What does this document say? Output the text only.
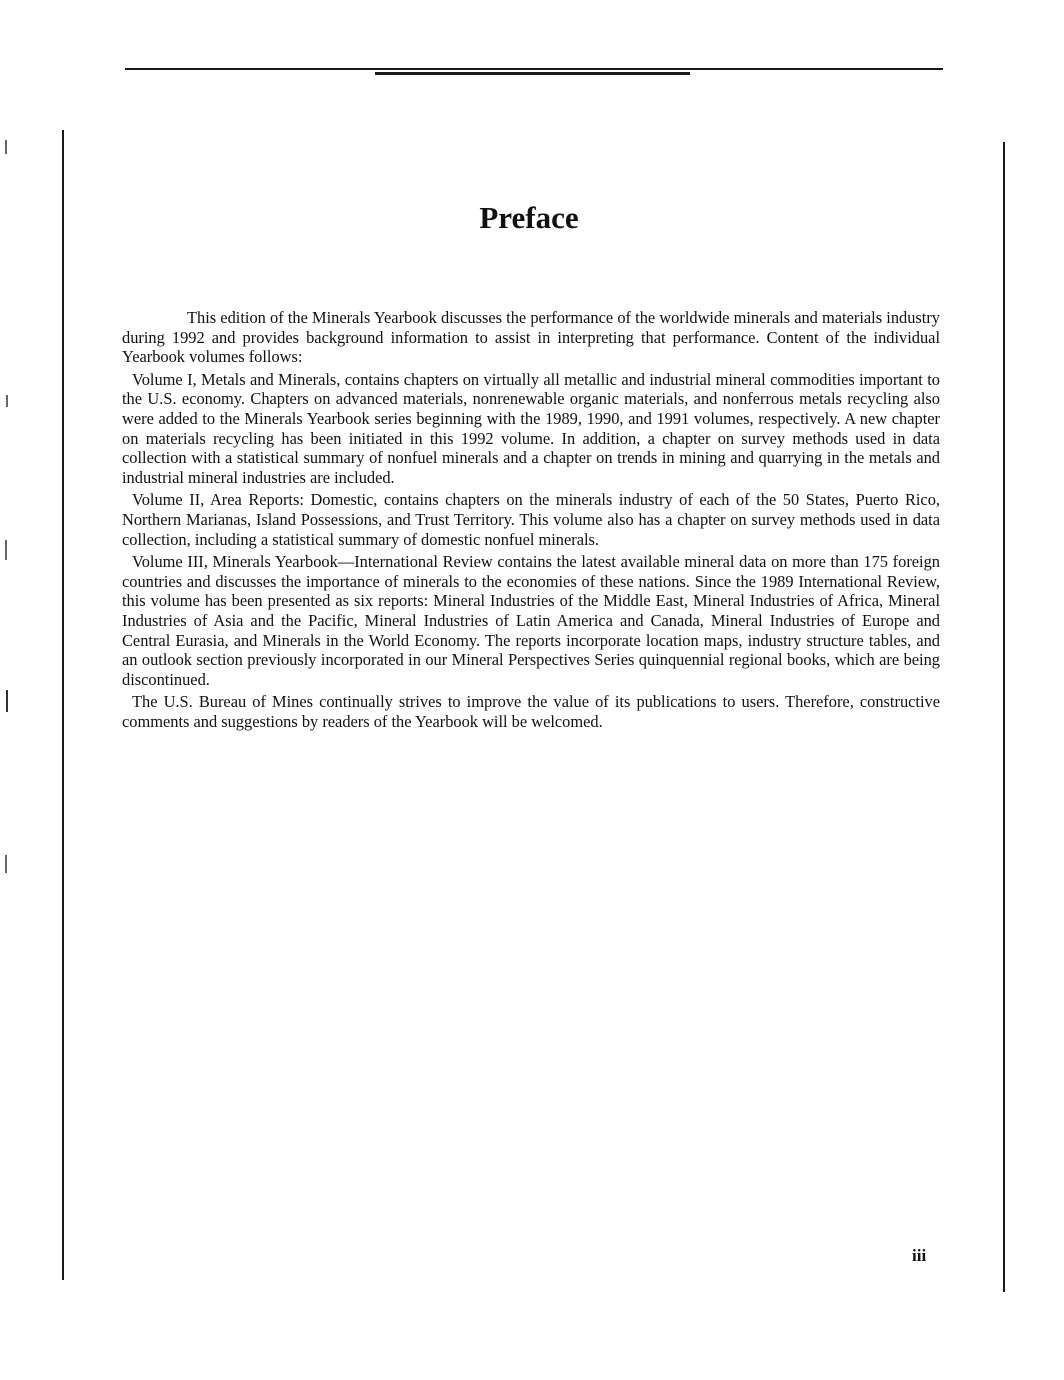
Preface

This edition of the Minerals Yearbook discusses the performance of the worldwide minerals and materials industry during 1992 and provides background information to assist in interpreting that performance. Content of the individual Yearbook volumes follows:

Volume I, Metals and Minerals, contains chapters on virtually all metallic and industrial mineral commodities important to the U.S. economy. Chapters on advanced materials, nonrenewable organic materials, and nonferrous metals recycling also were added to the Minerals Yearbook series beginning with the 1989, 1990, and 1991 volumes, respectively. A new chapter on materials recycling has been initiated in this 1992 volume. In addition, a chapter on survey methods used in data collection with a statistical summary of nonfuel minerals and a chapter on trends in mining and quarrying in the metals and industrial mineral industries are included.

Volume II, Area Reports: Domestic, contains chapters on the minerals industry of each of the 50 States, Puerto Rico, Northern Marianas, Island Possessions, and Trust Territory. This volume also has a chapter on survey methods used in data collection, including a statistical summary of domestic nonfuel minerals.

Volume III, Minerals Yearbook—International Review contains the latest available mineral data on more than 175 foreign countries and discusses the importance of minerals to the economies of these nations. Since the 1989 International Review, this volume has been presented as six reports: Mineral Industries of the Middle East, Mineral Industries of Africa, Mineral Industries of Asia and the Pacific, Mineral Industries of Latin America and Canada, Mineral Industries of Europe and Central Eurasia, and Minerals in the World Economy. The reports incorporate location maps, industry structure tables, and an outlook section previously incorporated in our Mineral Perspectives Series quinquennial regional books, which are being discontinued.

The U.S. Bureau of Mines continually strives to improve the value of its publications to users. Therefore, constructive comments and suggestions by readers of the Yearbook will be welcomed.

iii
